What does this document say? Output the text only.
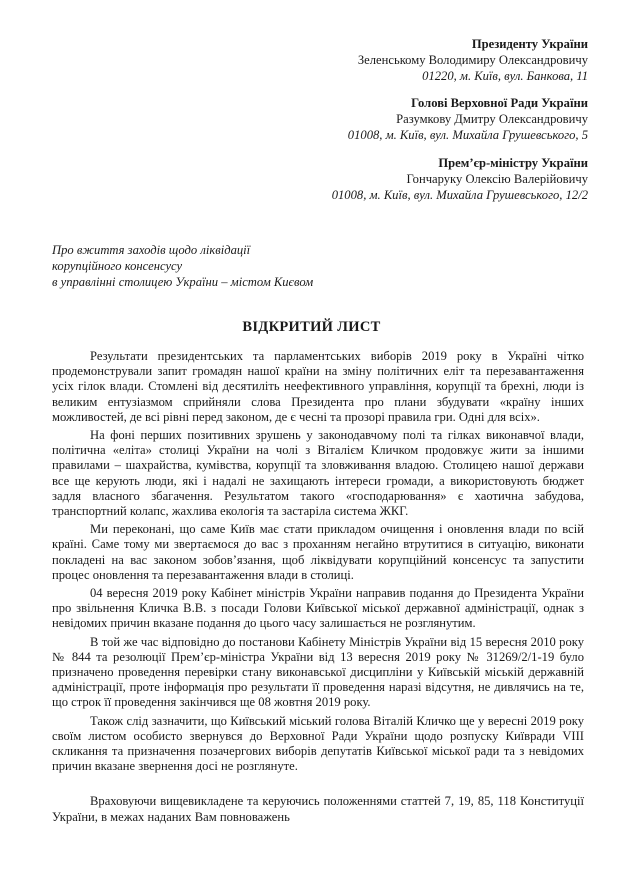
Президенту України
Зеленському Володимиру Олександровичу
01220, м. Київ, вул. Банкова, 11
Голові Верховної Ради України
Разумкову Дмитру Олександровичу
01008, м. Київ, вул. Михайла Грушевського, 5
Прем’єр-міністру України
Гончаруку Олексію Валерійовичу
01008, м. Київ, вул. Михайла Грушевського, 12/2
Про вжиття заходів щодо ліквідації
корупційного консенсусу
в управлінні столицею України – містом Києвом
ВІДКРИТИЙ ЛИСТ

Результати президентських та парламентських виборів 2019 року в Україні чітко продемонстрували запит громадян нашої країни на зміну політичних еліт та перезавантаження усіх гілок влади. Стомлені від десятиліть неефективного управління, корупції та брехні, люди із великим ентузіазмом сприйняли слова Президента про плани збудувати «країну інших можливостей, де всі рівні перед законом, де є чесні та прозорі правила гри. Одні для всіх».

На фоні перших позитивних зрушень у законодавчому полі та гілках виконавчої влади, політична «еліта» столиці України на чолі з Віталієм Кличком продовжує жити за іншими правилами – шахрайства, кумівства, корупції та зловживання владою. Столицею нашої держави все ще керують люди, які і надалі не захищають інтереси громади, а використовують бюджет задля власного збагачення. Результатом такого «господарювання» є хаотична забудова, транспортний колапс, жахлива екологія та застаріла система ЖКГ.

Ми переконані, що саме Київ має стати прикладом очищення і оновлення влади по всій країні. Саме тому ми звертаємося до вас з проханням негайно втрутитися в ситуацію, виконати покладені на вас законом зобов’язання, щоб ліквідувати корупційний консенсус та запустити процес оновлення та перезавантаження влади в столиці.

04 вересня 2019 року Кабінет міністрів України направив подання до Президента України про звільнення Кличка В.В. з посади Голови Київської міської державної адміністрації, однак з невідомих причин вказане подання до цього часу залишається не розглянутим.

В той же час відповідно до постанови Кабінету Міністрів України від 15 вересня 2010 року № 844 та резолюції Прем’єр-міністра України від 13 вересня 2019 року № 31269/2/1-19 було призначено проведення перевірки стану виконавської дисципліни у Київській міській державній адміністрації, проте інформація про результати її проведення наразі відсутня, не дивлячись на те, що строк її проведення закінчився ще 08 жовтня 2019 року.

Також слід зазначити, що Київський міський голова Віталій Кличко ще у вересні 2019 року своїм листом особисто звернувся до Верховної Ради України щодо розпуску Київради VIII скликання та призначення позачергових виборів депутатів Київської міської ради та з невідомих причин вказане звернення досі не розглянуте.

Враховуючи вищевикладене та керуючись положеннями статтей 7, 19, 85, 118 Конституції України, в межах наданих Вам повноважень
